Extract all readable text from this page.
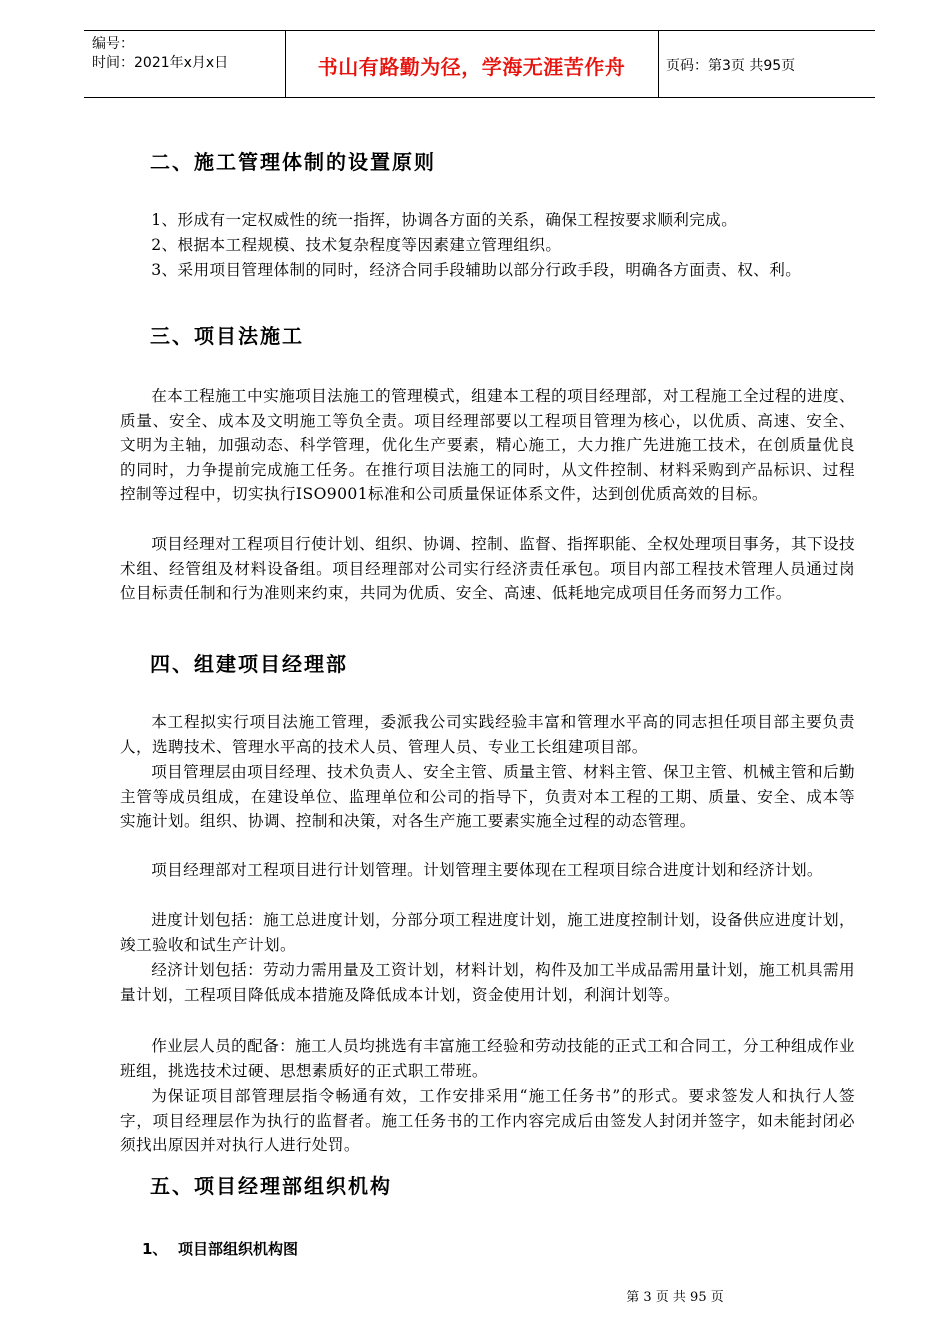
编号：
时间：2021年x月x日	书山有路勤为径，学海无涯苦作舟	页码：第3页 共95页
二、施工管理体制的设置原则
1、形成有一定权威性的统一指挥，协调各方面的关系，确保工程按要求顺利完成。
2、根据本工程规模、技术复杂程度等因素建立管理组织。
3、采用项目管理体制的同时，经济合同手段辅助以部分行政手段，明确各方面责、权、利。
三、项目法施工
在本工程施工中实施项目法施工的管理模式，组建本工程的项目经理部，对工程施工全过程的进度、质量、安全、成本及文明施工等负全责。项目经理部要以工程项目管理为核心，以优质、高速、安全、文明为主轴，加强动态、科学管理，优化生产要素，精心施工，大力推广先进施工技术，在创质量优良的同时，力争提前完成施工任务。在推行项目法施工的同时，从文件控制、材料采购到产品标识、过程控制等过程中，切实执行ISO9001标准和公司质量保证体系文件，达到创优质高效的目标。
项目经理对工程项目行使计划、组织、协调、控制、监督、指挥职能、全权处理项目事务，其下设技术组、经管组及材料设备组。项目经理部对公司实行经济责任承包。项目内部工程技术管理人员通过岗位目标责任制和行为准则来约束，共同为优质、安全、高速、低耗地完成项目任务而努力工作。
四、组建项目经理部
本工程拟实行项目法施工管理，委派我公司实践经验丰富和管理水平高的同志担任项目部主要负责人，选聘技术、管理水平高的技术人员、管理人员、专业工长组建项目部。
项目管理层由项目经理、技术负责人、安全主管、质量主管、材料主管、保卫主管、机械主管和后勤主管等成员组成，在建设单位、监理单位和公司的指导下，负责对本工程的工期、质量、安全、成本等实施计划。组织、协调、控制和决策，对各生产施工要素实施全过程的动态管理。
项目经理部对工程项目进行计划管理。计划管理主要体现在工程项目综合进度计划和经济计划。
进度计划包括：施工总进度计划，分部分项工程进度计划，施工进度控制计划，设备供应进度计划，竣工验收和试生产计划。
经济计划包括：劳动力需用量及工资计划，材料计划，构件及加工半成品需用量计划，施工机具需用量计划，工程项目降低成本措施及降低成本计划，资金使用计划，利润计划等。
作业层人员的配备：施工人员均挑选有丰富施工经验和劳动技能的正式工和合同工，分工种组成作业班组，挑选技术过硬、思想素质好的正式职工带班。
为保证项目部管理层指令畅通有效，工作安排采用“施工任务书”的形式。要求签发人和执行人签字，项目经理层作为执行的监督者。施工任务书的工作内容完成后由签发人封闭并签字，如未能封闭必须找出原因并对执行人进行处罚。
五、项目经理部组织机构
1、 项目部组织机构图
第 3 页 共 95 页
